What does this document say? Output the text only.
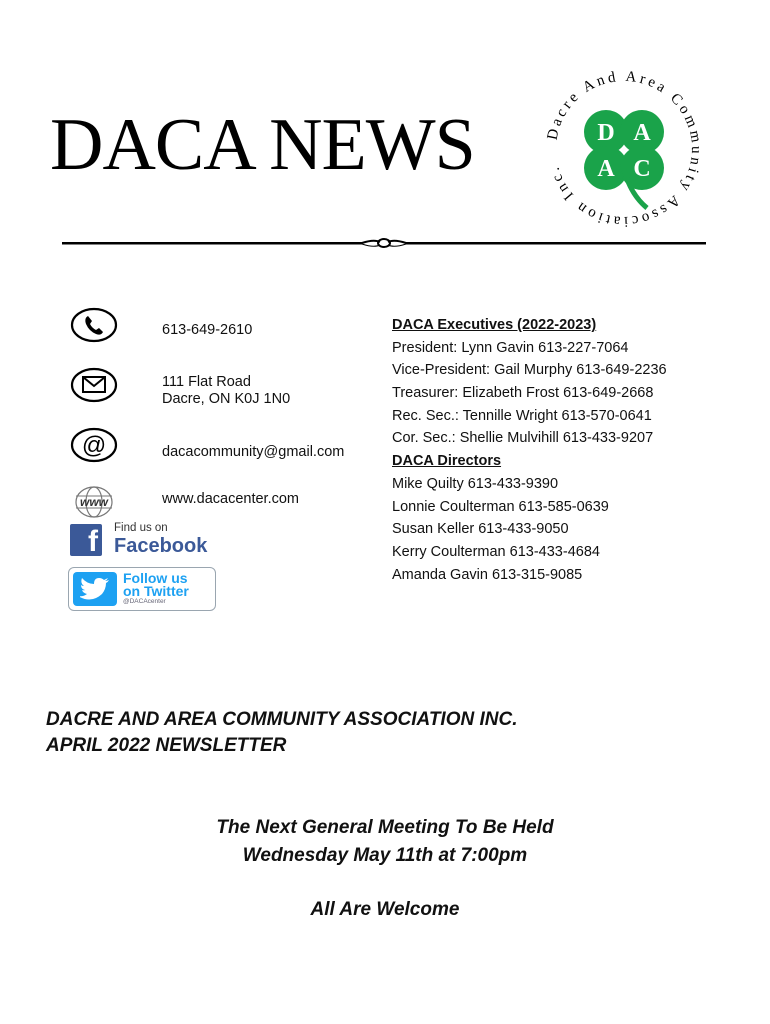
DACA NEWS	Dacre And Area Community Association Inc.
D A
A C
613-649-2610
111 Flat Road
Dacre, ON K0J 1N0
@	dacacommunity@gmail.com
www	www.dacacenter.com
f	Find us on
Facebook
Follow us
on Twitter
@DACAcenter
DACA Executives (2022-2023)
President: Lynn Gavin 613-227-7064
Vice-President: Gail Murphy 613-649-2236
Treasurer: Elizabeth Frost 613-649-2668
Rec. Sec.: Tennille Wright 613-570-0641
Cor. Sec.: Shellie Mulvihill 613-433-9207
DACA Directors
Mike Quilty 613-433-9390
Lonnie Coulterman 613-585-0639
Susan Keller 613-433-9050
Kerry Coulterman 613-433-4684
Amanda Gavin 613-315-9085
DACRE AND AREA COMMUNITY ASSOCIATION INC.
APRIL 2022 NEWSLETTER
The Next General Meeting To Be Held
Wednesday May 11th at 7:00pm
All Are Welcome
